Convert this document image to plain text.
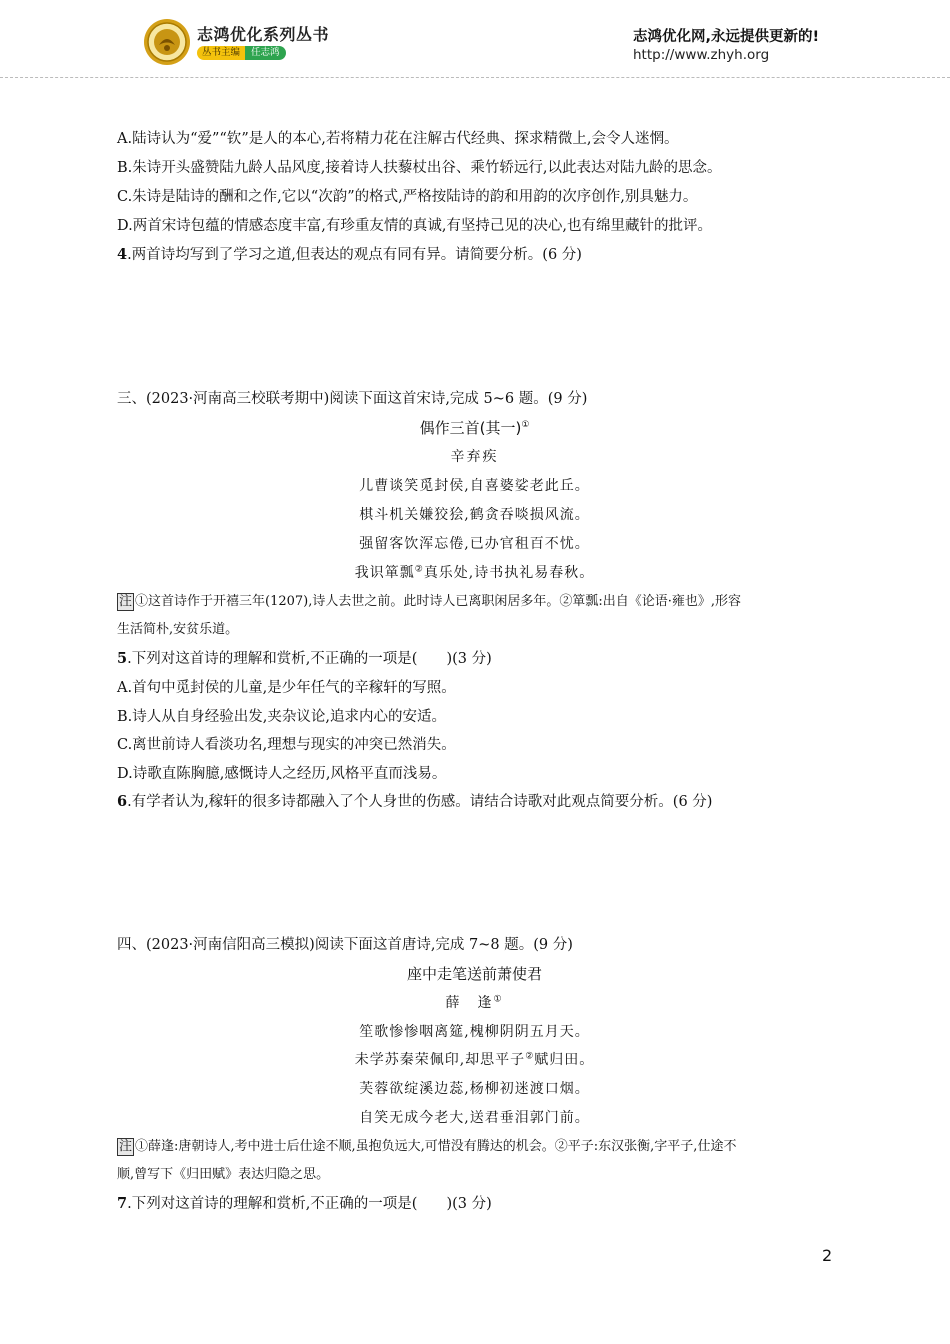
志鸿优化系列丛书
丛书主编	任志鸿
志鸿优化网,永远提供更新的!
http://www.zhyh.org
A.陆诗认为“爱”“钦”是人的本心,若将精力花在注解古代经典、探求精微上,会令人迷惘。
B.朱诗开头盛赞陆九龄人品风度,接着诗人扶藜杖出谷、乘竹轿远行,以此表达对陆九龄的思念。
C.朱诗是陆诗的酬和之作,它以“次韵”的格式,严格按陆诗的韵和用韵的次序创作,别具魅力。
D.两首宋诗包蕴的情感态度丰富,有珍重友情的真诚,有坚持己见的决心,也有绵里藏针的批评。
4.两首诗均写到了学习之道,但表达的观点有同有异。请简要分析。(6 分)
三、(2023·河南高三校联考期中)阅读下面这首宋诗,完成 5~6 题。(9 分)
偶作三首(其一)①
辛弃疾
儿曹谈笑觅封侯,自喜婆娑老此丘。
棋斗机关嫌狡狯,鹤贪吞啖损风流。
强留客饮浑忘倦,已办官租百不忧。
我识箪瓢②真乐处,诗书执礼易春秋。
注 ①这首诗作于开禧三年(1207),诗人去世之前。此时诗人已离职闲居多年。②箪瓢:出自《论语·雍也》,形容
生活简朴,安贫乐道。
5.下列对这首诗的理解和赏析,不正确的一项是(　　)(3 分)
A.首句中觅封侯的儿童,是少年任气的辛稼轩的写照。
B.诗人从自身经验出发,夹杂议论,追求内心的安适。
C.离世前诗人看淡功名,理想与现实的冲突已然消失。
D.诗歌直陈胸臆,感慨诗人之经历,风格平直而浅易。
6.有学者认为,稼轩的很多诗都融入了个人身世的伤感。请结合诗歌对此观点简要分析。(6 分)
四、(2023·河南信阳高三模拟)阅读下面这首唐诗,完成 7~8 题。(9 分)
座中走笔送前萧使君
薛　逢①
笙歌惨惨咽离筵,槐柳阴阴五月天。
未学苏秦荣佩印,却思平子②赋归田。
芙蓉欲绽溪边蕊,杨柳初迷渡口烟。
自笑无成今老大,送君垂泪郭门前。
注 ①薛逢:唐朝诗人,考中进士后仕途不顺,虽抱负远大,可惜没有腾达的机会。②平子:东汉张衡,字平子,仕途不
顺,曾写下《归田赋》表达归隐之思。
7.下列对这首诗的理解和赏析,不正确的一项是(　　)(3 分)
2
